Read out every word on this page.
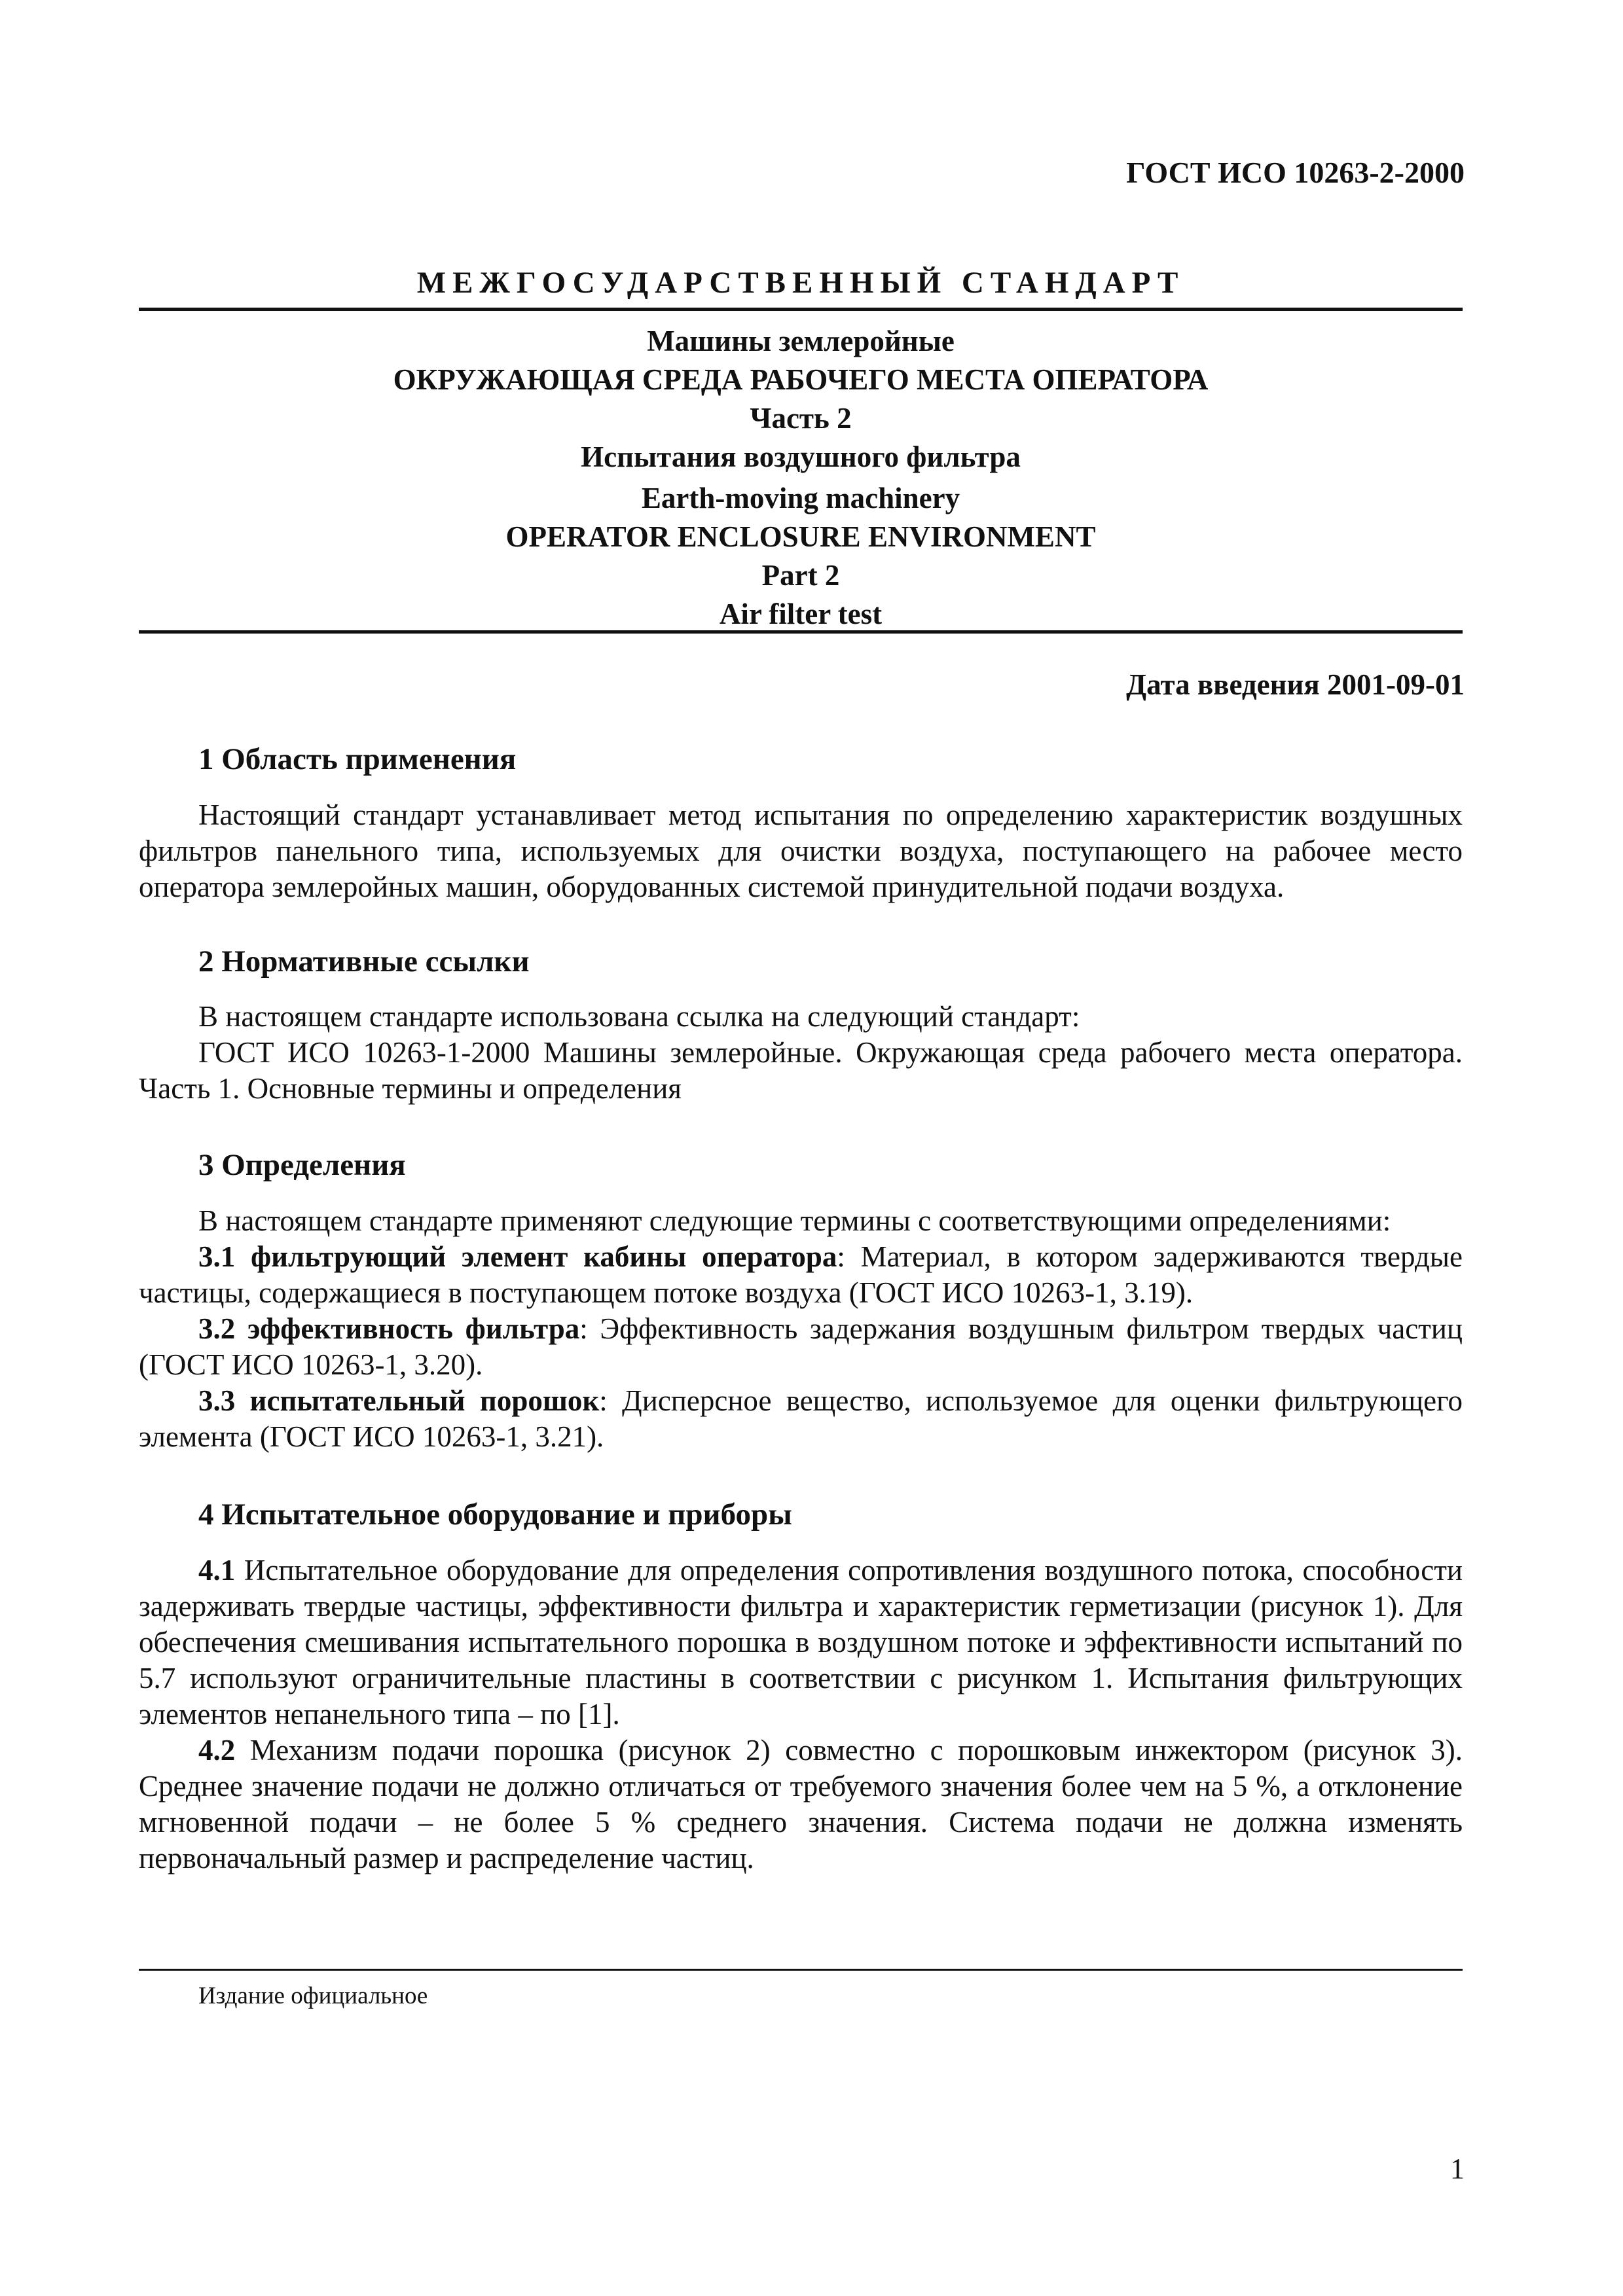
ГОСТ ИСО 10263-2-2000
МЕЖГОСУДАРСТВЕННЫЙ СТАНДАРТ
Машины землеройные
ОКРУЖАЮЩАЯ СРЕДА РАБОЧЕГО МЕСТА ОПЕРАТОРА
Часть 2
Испытания воздушного фильтра
Earth-moving machinery
OPERATOR ENCLOSURE ENVIRONMENT
Part 2
Air filter test
Дата введения 2001-09-01
1 Область применения

Настоящий стандарт устанавливает метод испытания по определению характеристик воздушных фильтров панельного типа, используемых для очистки воздуха, поступающего на рабочее место оператора землеройных машин, оборудованных системой принудительной подачи воздуха.

2 Нормативные ссылки

В настоящем стандарте использована ссылка на следующий стандарт:

ГОСТ ИСО 10263-1-2000 Машины землеройные. Окружающая среда рабочего места оператора. Часть 1. Основные термины и определения

3 Определения

В настоящем стандарте применяют следующие термины с соответствующими определениями:

3.1 фильтрующий элемент кабины оператора: Материал, в котором задерживаются твердые частицы, содержащиеся в поступающем потоке воздуха (ГОСТ ИСО 10263-1, 3.19).

3.2 эффективность фильтра: Эффективность задержания воздушным фильтром твердых частиц (ГОСТ ИСО 10263-1, 3.20).

3.3 испытательный порошок: Дисперсное вещество, используемое для оценки фильтрующего элемента (ГОСТ ИСО 10263-1, 3.21).

4 Испытательное оборудование и приборы

4.1 Испытательное оборудование для определения сопротивления воздушного потока, способности задерживать твердые частицы, эффективности фильтра и характеристик герметизации (рисунок 1). Для обеспечения смешивания испытательного порошка в воздушном потоке и эффективности испытаний по 5.7 используют ограничительные пластины в соответствии с рисунком 1. Испытания фильтрующих элементов непанельного типа – по [1].

4.2 Механизм подачи порошка (рисунок 2) совместно с порошковым инжектором (рисунок 3). Среднее значение подачи не должно отличаться от требуемого значения более чем на 5 %, а отклонение мгновенной подачи – не более 5 % среднего значения. Система подачи не должна изменять первоначальный размер и распределение частиц.

Издание официальное
1
